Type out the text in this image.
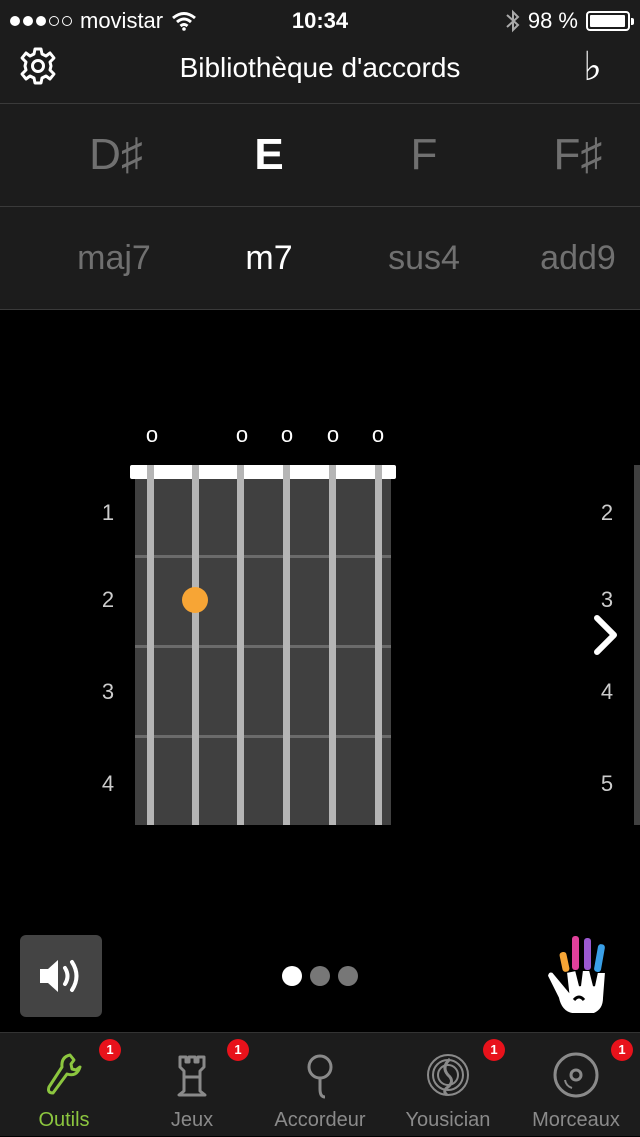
movistar	10:34	98 %
Bibliothèque d'accords	♭
D♯	E	F	F♯
maj7	m7	sus4 add9
o	o o o o
1
2
3
4
2
3
4
5
Outils
1
Jeux
1
Accordeur	Yousician
1
Morceaux
1
